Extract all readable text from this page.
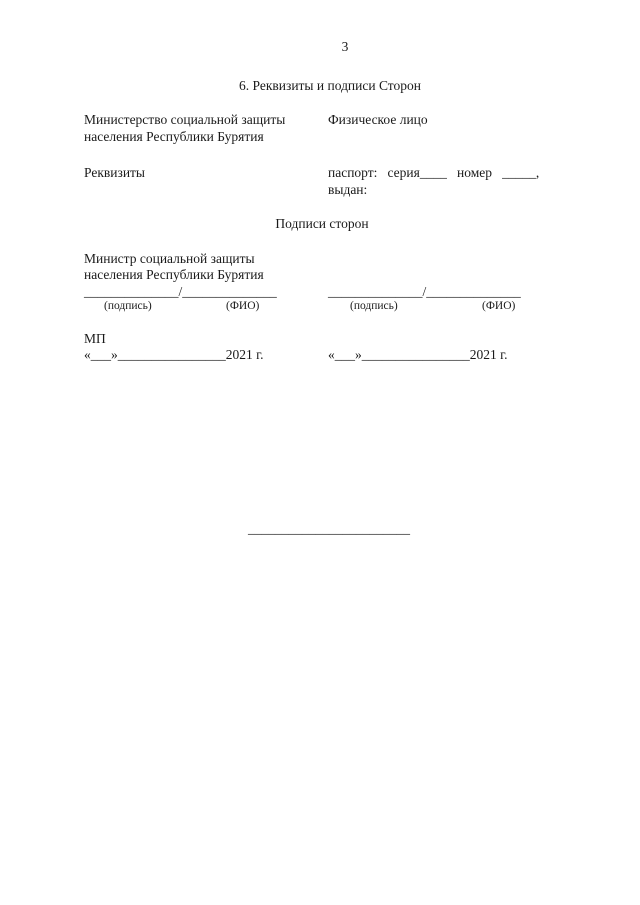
3
6. Реквизиты и подписи Сторон
Министерство социальной защиты
населения Республики Бурятия
Реквизиты
Физическое лицо
паспорт:   серия____   номер   _____,
выдан:
Подписи сторон
Министр социальной защиты
населения Республики Бурятия
______________/______________
(подпись)	(ФИО)
МП
«___»________________2021 г.
______________/______________
(подпись)	(ФИО)
«___»________________2021 г.
________________________
